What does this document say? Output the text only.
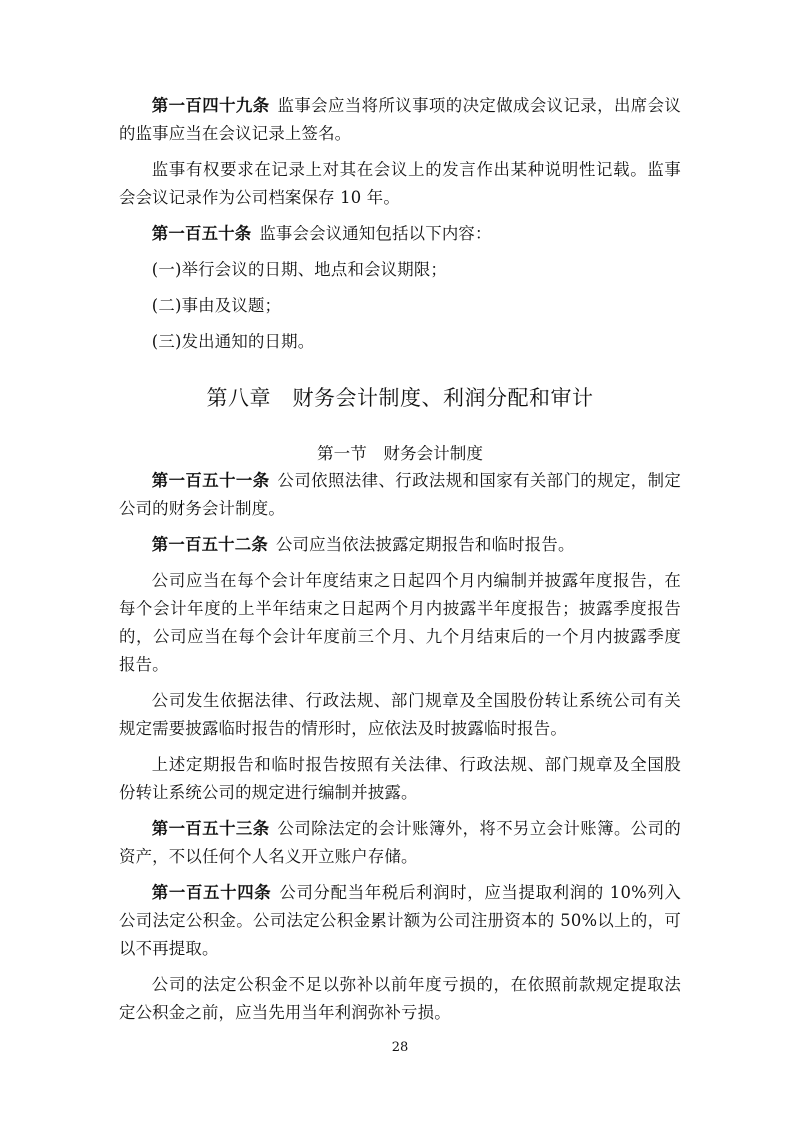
第一百四十九条 监事会应当将所议事项的决定做成会议记录，出席会议的监事应当在会议记录上签名。

监事有权要求在记录上对其在会议上的发言作出某种说明性记载。监事会会议记录作为公司档案保存 10 年。

第一百五十条 监事会会议通知包括以下内容：

(一)举行会议的日期、地点和会议期限；

(二)事由及议题；

(三)发出通知的日期。

第八章　财务会计制度、利润分配和审计
第一节　财务会计制度

第一百五十一条 公司依照法律、行政法规和国家有关部门的规定，制定公司的财务会计制度。

第一百五十二条 公司应当依法披露定期报告和临时报告。

公司应当在每个会计年度结束之日起四个月内编制并披露年度报告，在每个会计年度的上半年结束之日起两个月内披露半年度报告；披露季度报告的，公司应当在每个会计年度前三个月、九个月结束后的一个月内披露季度报告。

公司发生依据法律、行政法规、部门规章及全国股份转让系统公司有关规定需要披露临时报告的情形时，应依法及时披露临时报告。

上述定期报告和临时报告按照有关法律、行政法规、部门规章及全国股份转让系统公司的规定进行编制并披露。

第一百五十三条 公司除法定的会计账簿外，将不另立会计账簿。公司的资产，不以任何个人名义开立账户存储。

第一百五十四条 公司分配当年税后利润时，应当提取利润的 10%列入公司法定公积金。公司法定公积金累计额为公司注册资本的 50%以上的，可以不再提取。

公司的法定公积金不足以弥补以前年度亏损的，在依照前款规定提取法定公积金之前，应当先用当年利润弥补亏损。

28
